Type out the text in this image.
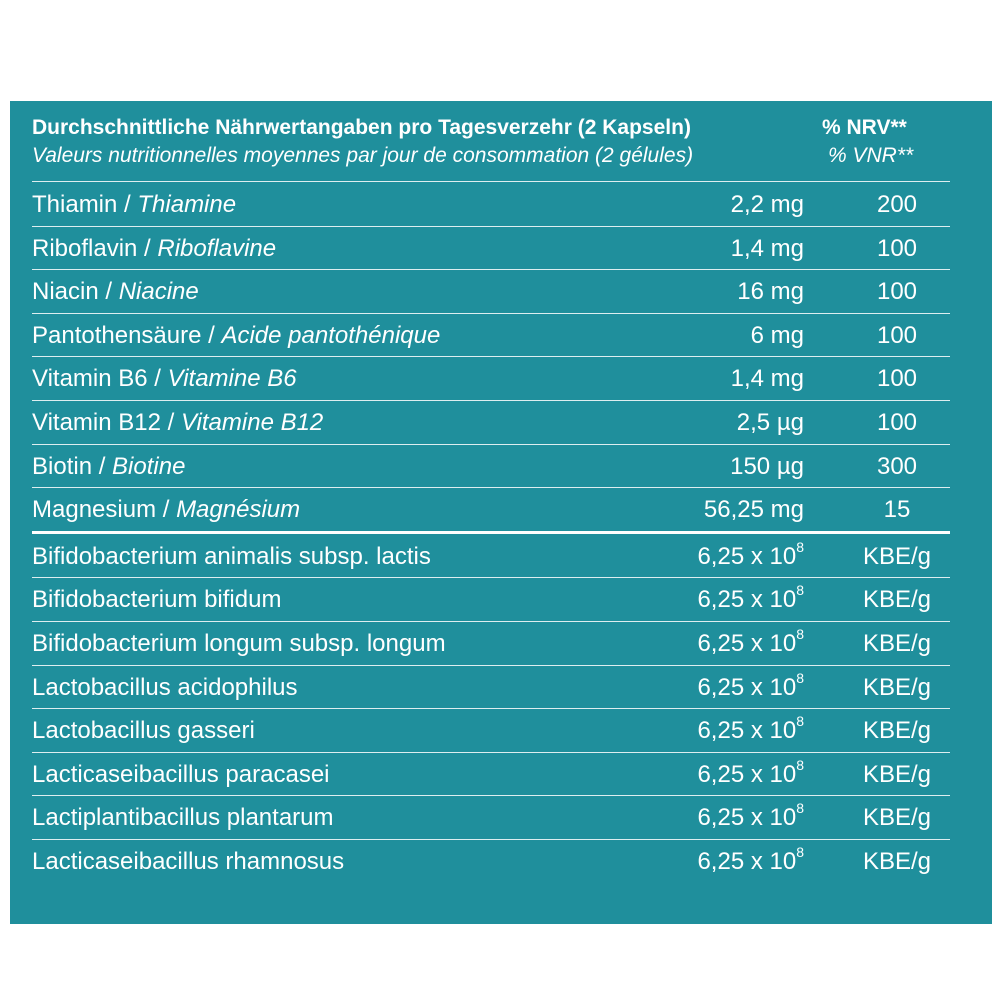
Durchschnittliche Nährwertangaben pro Tagesverzehr (2 Kapseln)
Valeurs nutritionnelles moyennes par jour de consommation (2 gélules)
% NRV**
% VNR**
Thiamin / Thiamine	2,2 mg	200
Riboflavin / Riboflavine	1,4 mg	100
Niacin / Niacine	16 mg	100
Pantothensäure / Acide pantothénique	6 mg	100
Vitamin B6 / Vitamine B6	1,4 mg	100
Vitamin B12 / Vitamine B12	2,5 µg	100
Biotin / Biotine	150 µg	300
Magnesium / Magnésium	56,25 mg	15
Bifidobacterium animalis subsp. lactis	6,25 x $10^8$	KBE/g
Bifidobacterium bifidum	6,25 x $10^8$	KBE/g
Bifidobacterium longum subsp. longum	6,25 x $10^8$	KBE/g
Lactobacillus acidophilus	6,25 x $10^8$	KBE/g
Lactobacillus gasseri	6,25 x $10^8$	KBE/g
Lacticaseibacillus paracasei	6,25 x $10^8$	KBE/g
Lactiplantibacillus plantarum	6,25 x $10^8$	KBE/g
Lacticaseibacillus rhamnosus	6,25 x $10^8$	KBE/g
